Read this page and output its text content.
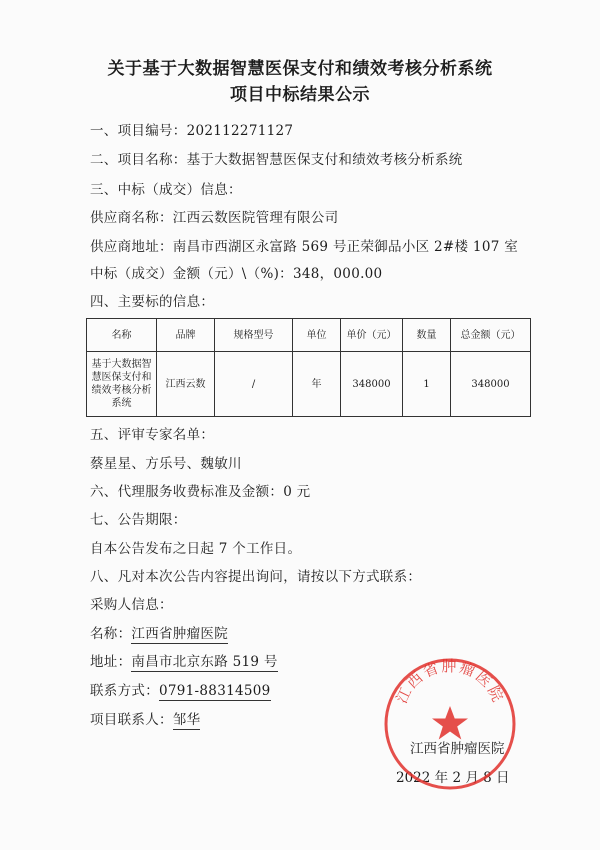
关于基于大数据智慧医保支付和绩效考核分析系统
项目中标结果公示
一、项目编号：202112271127
二、项目名称：基于大数据智慧医保支付和绩效考核分析系统
三、中标（成交）信息：
供应商名称：江西云数医院管理有限公司
供应商地址：南昌市西湖区永富路 569 号正荣御品小区 2#楼 107 室
中标（成交）金额（元）\（%)：348，000.00
四、主要标的信息：
名称	品牌	规格型号	单位	单价（元）	数量	总金额（元）
基于大数据智慧医保支付和绩效考核分析系统	江西云数	/	年	348000	1	348000
五、评审专家名单：
蔡星星、方乐号、魏敏川
六、代理服务收费标准及金额：0 元
七、公告期限：
自本公告发布之日起 7 个工作日。
八、凡对本次公告内容提出询问，请按以下方式联系：
采购人信息：
名称：江西省肿瘤医院
地址：南昌市北京东路 519 号
联系方式：0791-88314509
项目联系人：邹华
江西省肿瘤医院
2022 年 2 月 8 日
江西省肿瘤医院
